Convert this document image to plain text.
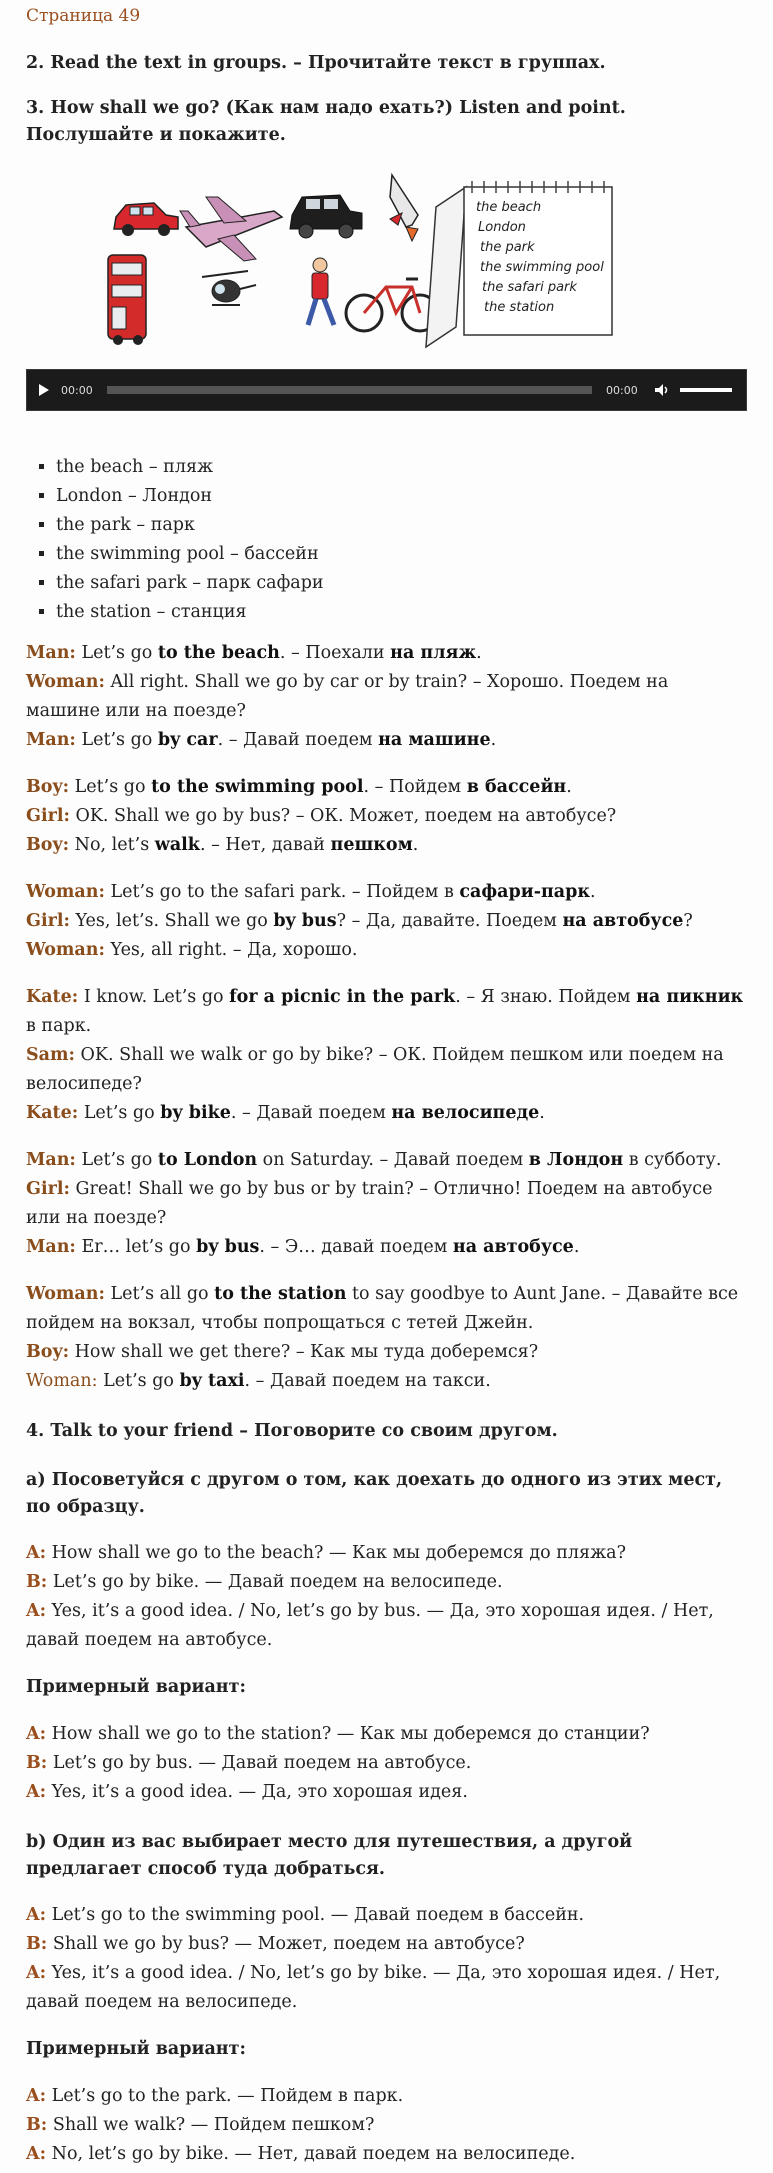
Страница 49
2. Read the text in groups. – Прочитайте текст в группах.
3. How shall we go? (Как нам надо ехать?) Listen and point. Послушайте и покажите.
the beach
London
the park
the swimming pool
the safari park
the station
00:00	00:00
▪ the beach – пляж
▪ London – Лондон
▪ the park – парк
▪ the swimming pool – бассейн
▪ the safari park – парк сафари
▪ the station – станция
Man: Let’s go to the beach. – Поехали на пляж.
Woman: All right. Shall we go by car or by train? – Хорошо. Поедем на машине или на поезде?
Man: Let’s go by car. – Давай поедем на машине.
Boy: Let’s go to the swimming pool. – Пойдем в бассейн.
Girl: OK. Shall we go by bus? – ОК. Может, поедем на автобусе?
Boy: No, let’s walk. – Нет, давай пешком.
Woman: Let’s go to the safari park. – Пойдем в сафари-парк.
Girl: Yes, let’s. Shall we go by bus? – Да, давайте. Поедем на автобусе?
Woman: Yes, all right. – Да, хорошо.
Kate: I know. Let’s go for a picnic in the park. – Я знаю. Пойдем на пикник в парк.
Sam: OK. Shall we walk or go by bike? – ОК. Пойдем пешком или поедем на велосипеде?
Kate: Let’s go by bike. – Давай поедем на велосипеде.
Man: Let’s go to London on Saturday. – Давай поедем в Лондон в субботу.
Girl: Great! Shall we go by bus or by train? – Отлично! Поедем на автобусе или на поезде?
Man: Er… let’s go by bus. – Э… давай поедем на автобусе.
Woman: Let’s all go to the station to say goodbye to Aunt Jane. – Давайте все пойдем на вокзал, чтобы попрощаться с тетей Джейн.
Boy: How shall we get there? – Как мы туда доберемся?
Woman: Let’s go by taxi. – Давай поедем на такси.
4. Talk to your friend – Поговорите со своим другом.
а) Посоветуйся с другом о том, как доехать до одного из этих мест, по образцу.
A: How shall we go to the beach? — Как мы доберемся до пляжа?
B: Let’s go by bike. — Давай поедем на велосипеде.
A: Yes, it’s a good idea. / No, let’s go by bus. — Да, это хорошая идея. / Нет, давай поедем на автобусе.
Примерный вариант:
A: How shall we go to the station? — Как мы доберемся до станции?
B: Let’s go by bus. — Давай поедем на автобусе.
A: Yes, it’s a good idea. — Да, это хорошая идея.
b) Один из вас выбирает место для путешествия, а другой предлагает способ туда добраться.
A: Let’s go to the swimming pool. — Давай поедем в бассейн.
B: Shall we go by bus? — Может, поедем на автобусе?
A: Yes, it’s a good idea. / No, let’s go by bike. — Да, это хорошая идея. / Нет, давай поедем на велосипеде.
Примерный вариант:
A: Let’s go to the park. — Пойдем в парк.
B: Shall we walk? — Пойдем пешком?
A: No, let’s go by bike. — Нет, давай поедем на велосипеде.
